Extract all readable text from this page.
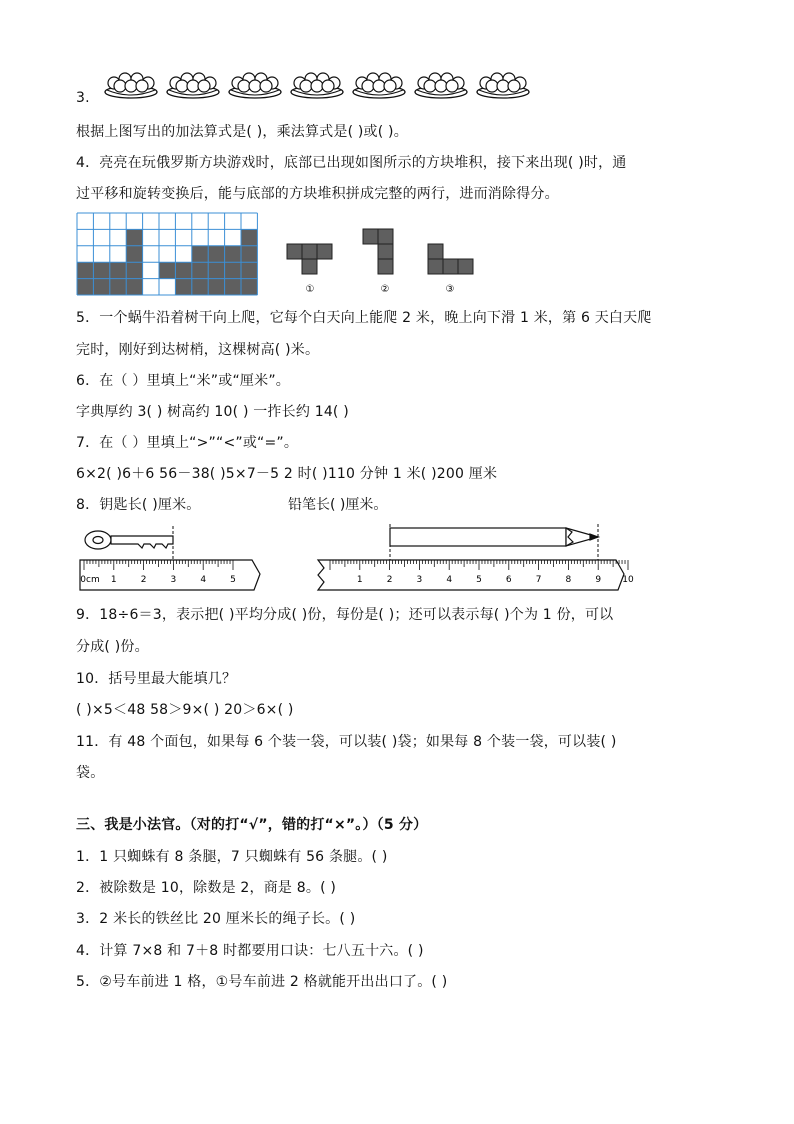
3.
根据上图写出的加法算式是( )，乘法算式是( )或( )。
4．亮亮在玩俄罗斯方块游戏时，底部已出现如图所示的方块堆积，接下来出现( )时，通
过平移和旋转变换后，能与底部的方块堆积拼成完整的两行，进而消除得分。
①	②	③
5．一个蜗牛沿着树干向上爬，它每个白天向上能爬 2 米，晚上向下滑 1 米，第 6 天白天爬
完时，刚好到达树梢，这棵树高( )米。
6．在（ ）里填上“米”或“厘米”。
字典厚约 3( ) 树高约 10( ) 一拃长约 14( )
7．在（ ）里填上“>”“<”或“=”。
6×2( )6＋6 56－38( )5×7－5 2 时( )110 分钟 1 米( )200 厘米
8．钥匙长( )厘米。	铅笔长( )厘米。
0cm 1	2	3	4	5	1	2	3	4	5	6	7	8	9 10
9．18÷6＝3，表示把( )平均分成( )份，每份是( )；还可以表示每( )个为 1 份，可以
分成( )份。
10．括号里最大能填几？
( )×5＜48 58＞9×( ) 20＞6×( )
11．有 48 个面包，如果每 6 个装一袋，可以装( )袋；如果每 8 个装一袋，可以装( )
袋。
三、我是小法官。（对的打“√”，错的打“×”。）（5 分）
1．1 只蜘蛛有 8 条腿，7 只蜘蛛有 56 条腿。( )
2．被除数是 10，除数是 2，商是 8。( )
3．2 米长的铁丝比 20 厘米长的绳子长。( )
4．计算 7×8 和 7＋8 时都要用口诀：七八五十六。( )
5．②号车前进 1 格，①号车前进 2 格就能开出出口了。( )
